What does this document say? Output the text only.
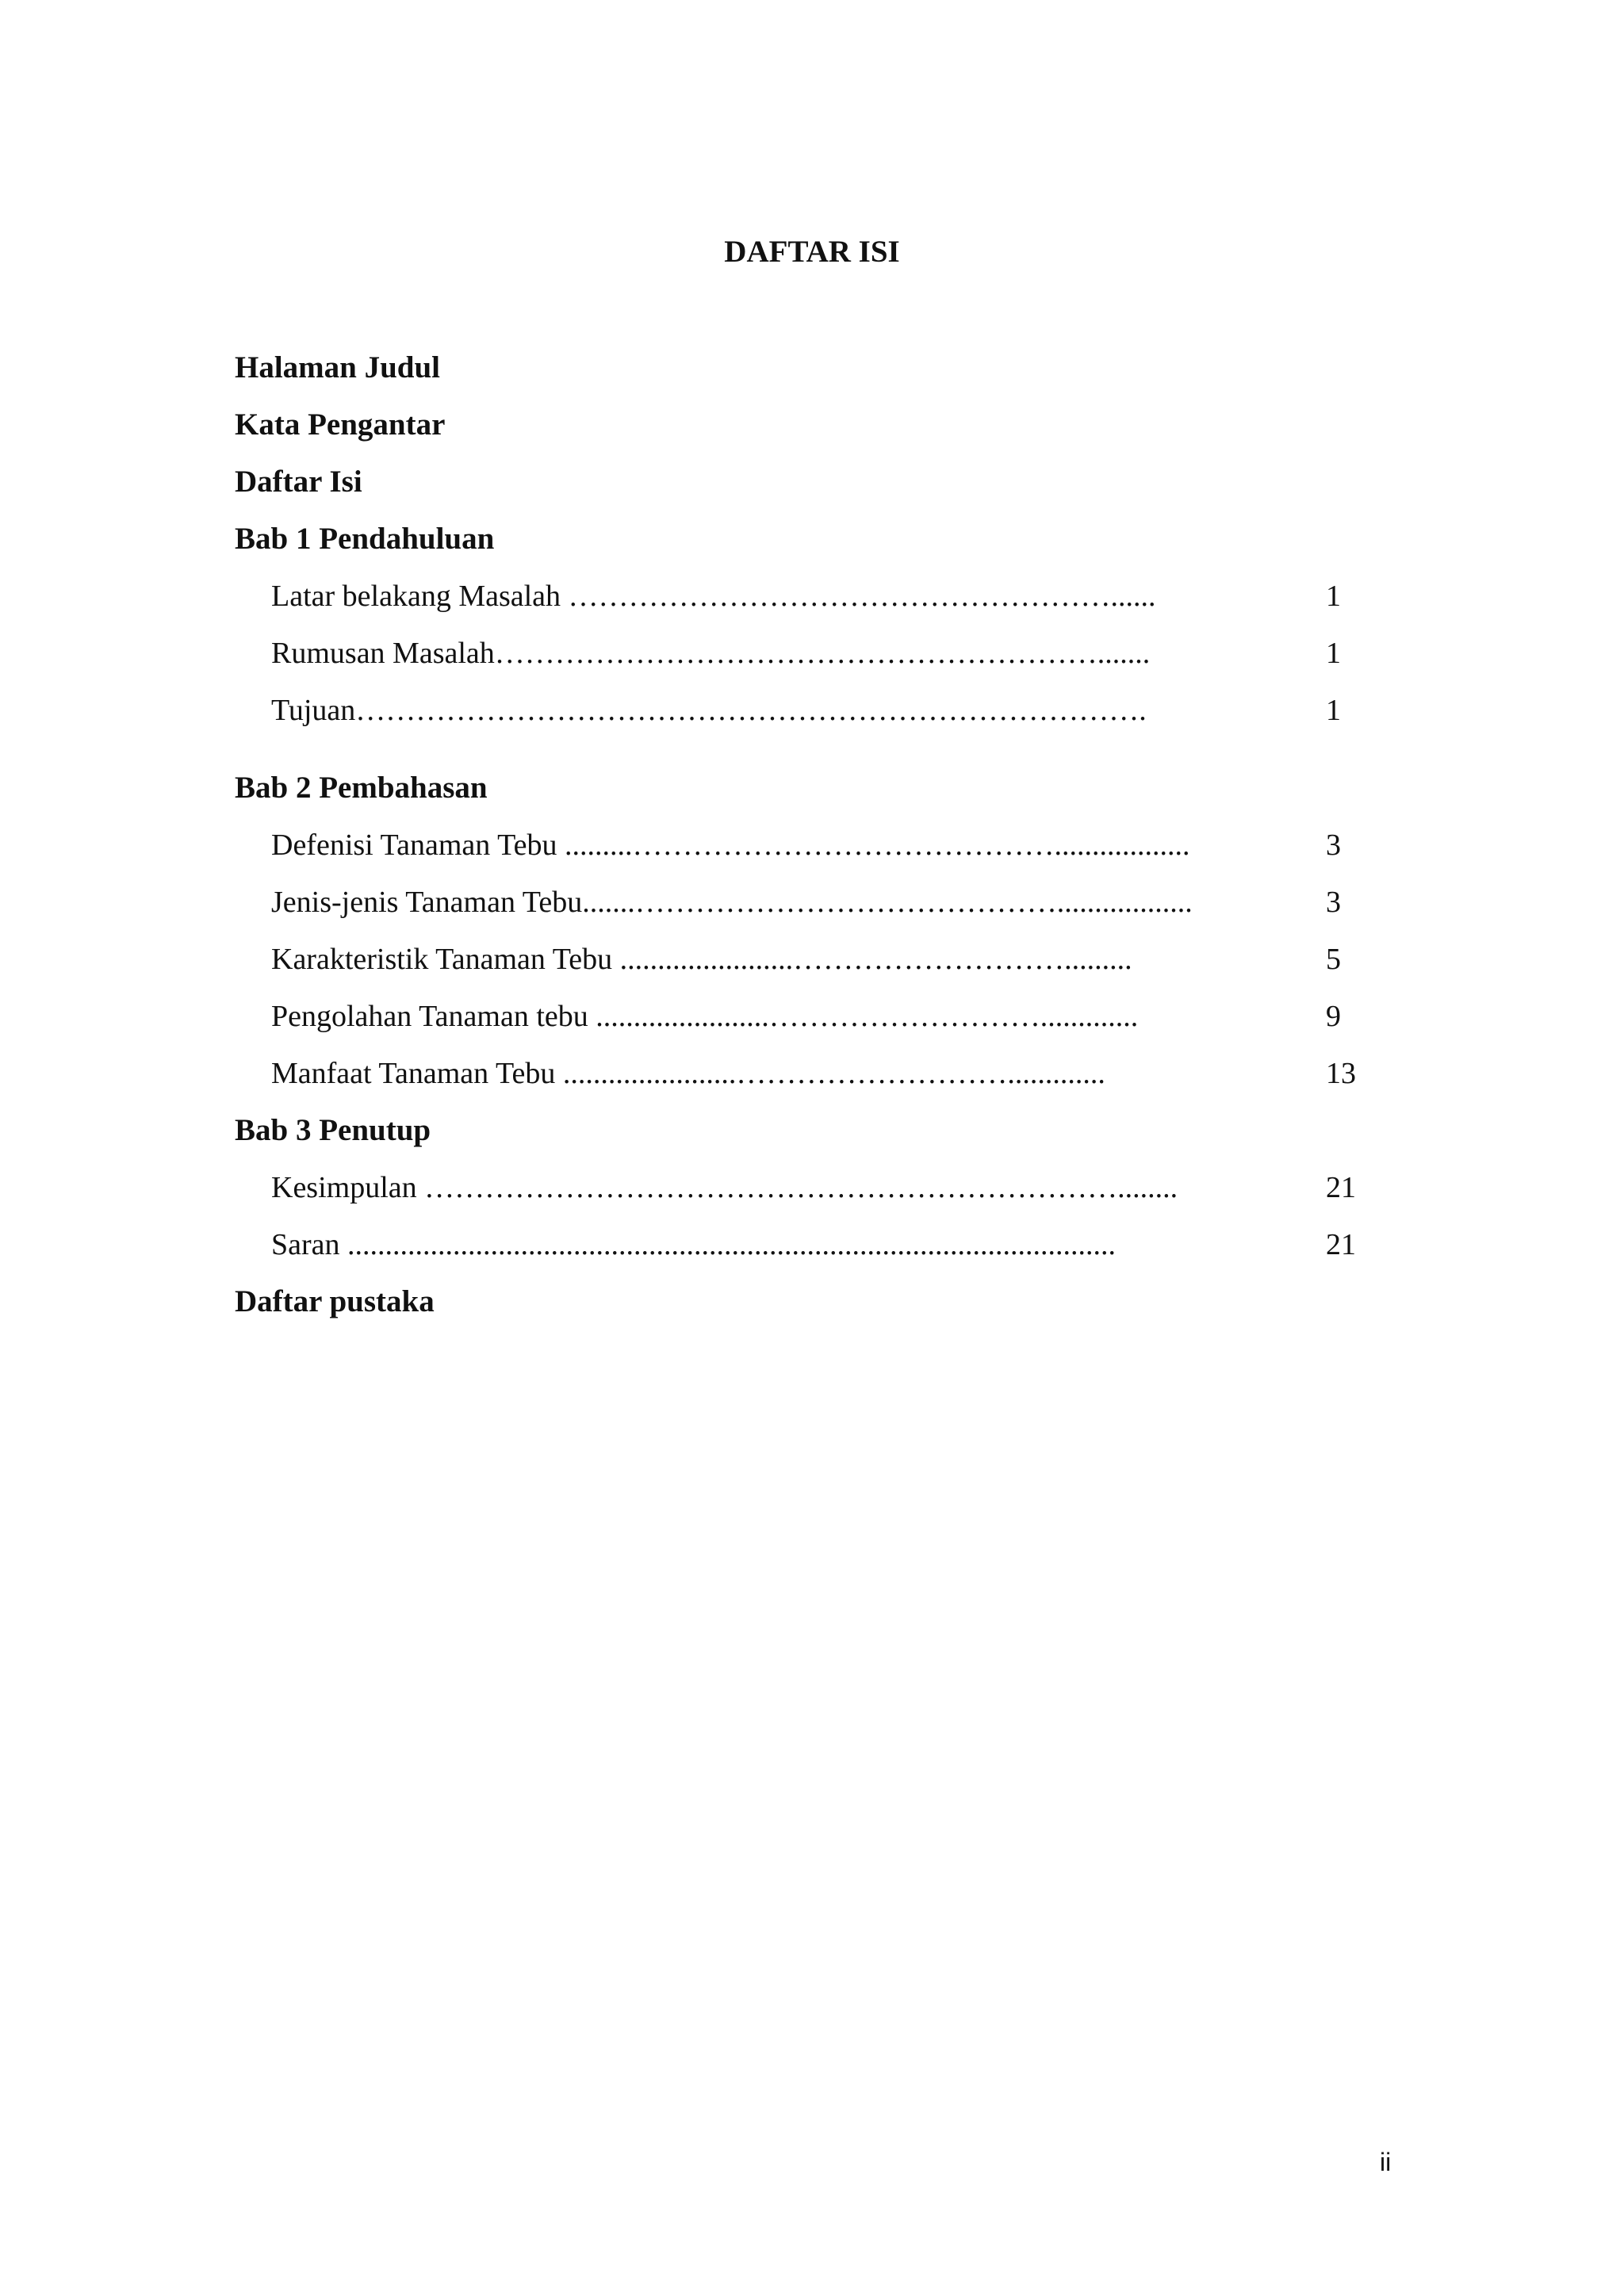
DAFTAR ISI
Halaman Judul
Kata Pengantar
Daftar Isi
Bab 1 Pendahuluan
Latar belakang Masalah ………………………………………………......	1
Rumusan Masalah…………………………………………………….......	1
Tujuan…………………………………………………………………….	1
Bab 2 Pembahasan
Defenisi Tanaman Tebu .........……………………………………..................	3
Jenis-jenis Tanaman Tebu.......……………………………………..................	3
Karakteristik Tanaman Tebu .......................……………………….........	5
Pengolahan Tanaman tebu .......................……………………….............	9
Manfaat Tanaman Tebu .......................……………………….............	13
Bab 3 Penutup
Kesimpulan ……………………………………………………………........	21
Saran ......................................................................................................	21
Daftar pustaka
ii
